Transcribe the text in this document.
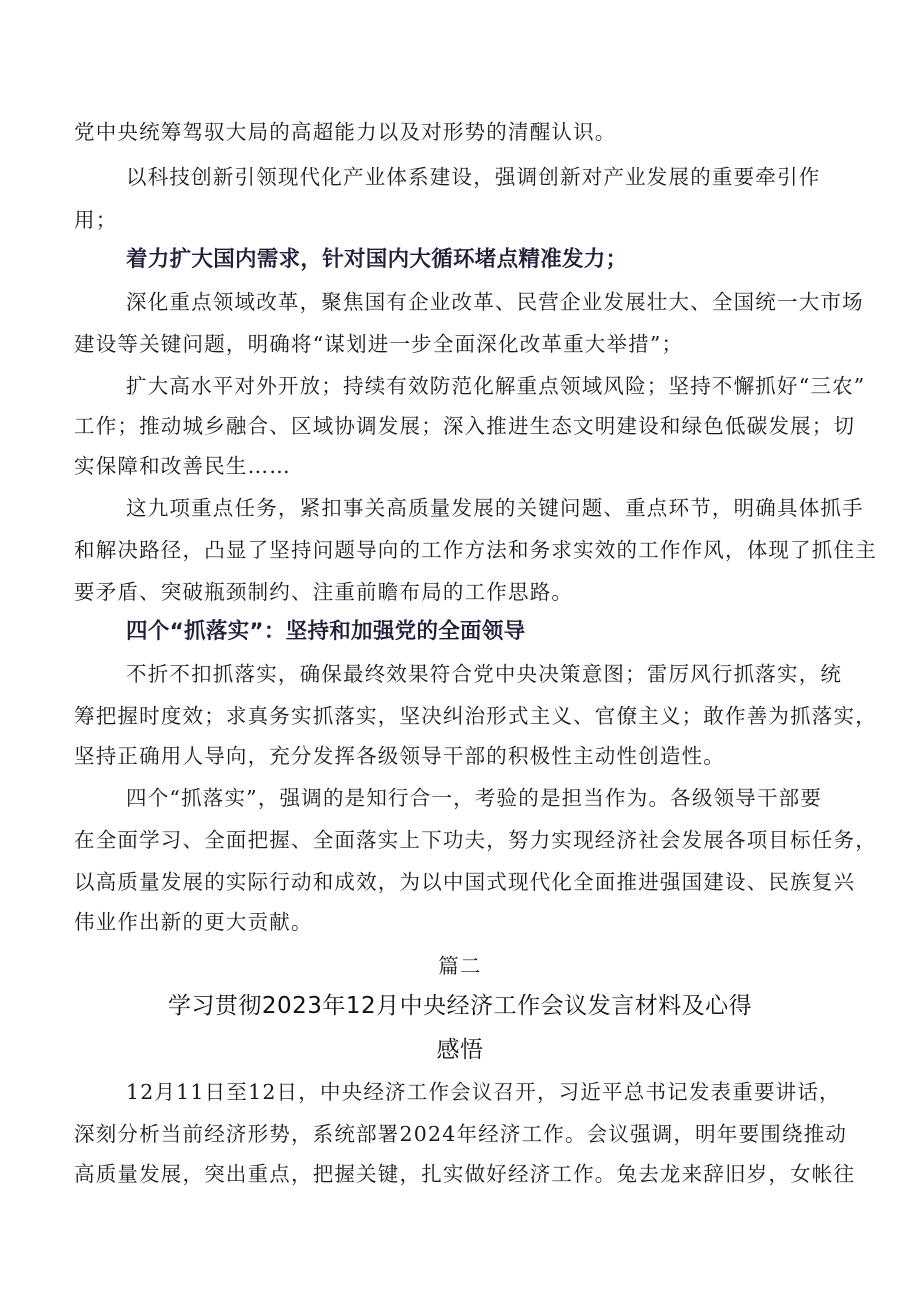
党中央统筹驾驭大局的高超能力以及对形势的清醒认识。
以科技创新引领现代化产业体系建设，强调创新对产业发展的重要牵引作
用；
着力扩大国内需求，针对国内大循环堵点精准发力；
深化重点领域改革，聚焦国有企业改革、民营企业发展壮大、全国统一大市场
建设等关键问题，明确将“谋划进一步全面深化改革重大举措”；
扩大高水平对外开放；持续有效防范化解重点领域风险；坚持不懈抓好“三农”
工作；推动城乡融合、区域协调发展；深入推进生态文明建设和绿色低碳发展；切
实保障和改善民生……
这九项重点任务，紧扣事关高质量发展的关键问题、重点环节，明确具体抓手
和解决路径，凸显了坚持问题导向的工作方法和务求实效的工作作风，体现了抓住主
要矛盾、突破瓶颈制约、注重前瞻布局的工作思路。
四个“抓落实”：坚持和加强党的全面领导
不折不扣抓落实，确保最终效果符合党中央决策意图；雷厉风行抓落实，统
筹把握时度效；求真务实抓落实，坚决纠治形式主义、官僚主义；敢作善为抓落实，
坚持正确用人导向，充分发挥各级领导干部的积极性主动性创造性。
四个“抓落实”，强调的是知行合一，考验的是担当作为。各级领导干部要
在全面学习、全面把握、全面落实上下功夫，努力实现经济社会发展各项目标任务，
以高质量发展的实际行动和成效，为以中国式现代化全面推进强国建设、民族复兴
伟业作出新的更大贡献。
篇二
学习贯彻2023年12月中央经济工作会议发言材料及心得
感悟
12月11日至12日，中央经济工作会议召开，习近平总书记发表重要讲话，
深刻分析当前经济形势，系统部署2024年经济工作。会议强调，明年要围绕推动
高质量发展，突出重点，把握关键，扎实做好经济工作。兔去龙来辞旧岁，女帐往
